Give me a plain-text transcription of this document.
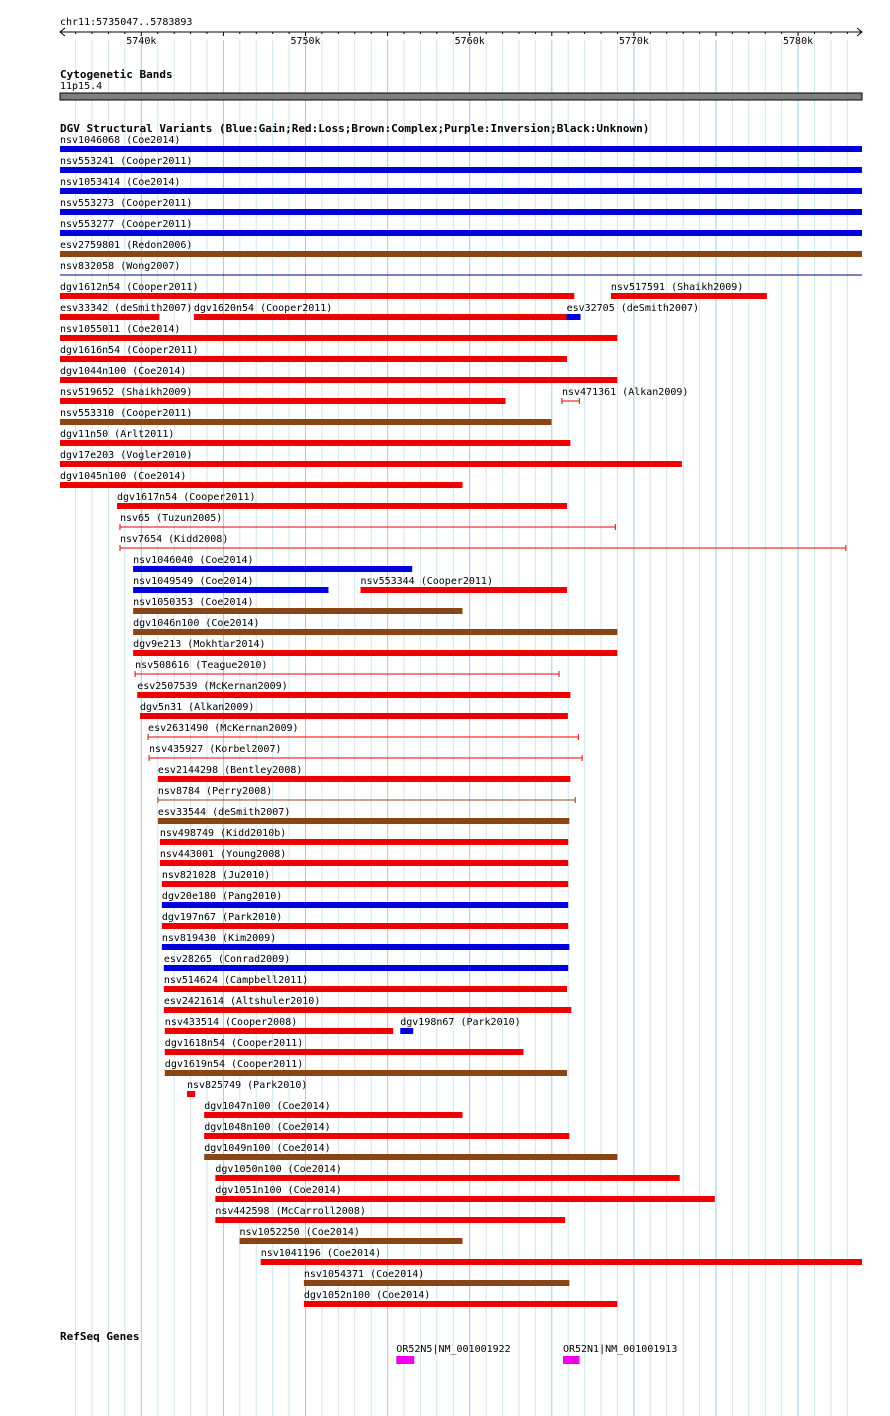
chr11:5735047..5783893
5740k	5750k	5760k	5770k	5780k
Cytogenetic Bands
11p15.4
DGV Structural Variants (Blue:Gain;Red:Loss;Brown:Complex;Purple:Inversion;Black:Unknown)
nsv1046068 (Coe2014)
nsv553241 (Cooper2011)
nsv1053414 (Coe2014)
nsv553273 (Cooper2011)
nsv553277 (Cooper2011)
esv2759801 (Redon2006)
nsv832058 (Wong2007)
dgv1612n54 (Cooper2011)	nsv517591 (Shaikh2009)
esv33342 (deSmith2007) dgv1620n54 (Cooper2011)	esv32705 (deSmith2007)
nsv1055011 (Coe2014)
dgv1616n54 (Cooper2011)
dgv1044n100 (Coe2014)
nsv519652 (Shaikh2009)	nsv471361 (Alkan2009)
nsv553310 (Cooper2011)
dgv11n50 (Arlt2011)
dgv17e203 (Vogler2010)
dgv1045n100 (Coe2014)
dgv1617n54 (Cooper2011)
nsv65 (Tuzun2005)
nsv7654 (Kidd2008)
nsv1046040 (Coe2014)
nsv1049549 (Coe2014)	nsv553344 (Cooper2011)
nsv1050353 (Coe2014)
dgv1046n100 (Coe2014)
dgv9e213 (Mokhtar2014)
nsv508616 (Teague2010)
esv2507539 (McKernan2009)
dgv5n31 (Alkan2009)
esv2631490 (McKernan2009)
nsv435927 (Korbel2007)
esv2144298 (Bentley2008)
nsv8784 (Perry2008)
esv33544 (deSmith2007)
nsv498749 (Kidd2010b)
nsv443001 (Young2008)
nsv821028 (Ju2010)
dgv20e180 (Pang2010)
dgv197n67 (Park2010)
nsv819430 (Kim2009)
esv28265 (Conrad2009)
nsv514624 (Campbell2011)
esv2421614 (Altshuler2010)
nsv433514 (Cooper2008)	dgv198n67 (Park2010)
dgv1618n54 (Cooper2011)
dgv1619n54 (Cooper2011)
nsv825749 (Park2010)
dgv1047n100 (Coe2014)
dgv1048n100 (Coe2014)
dgv1049n100 (Coe2014)
dgv1050n100 (Coe2014)
dgv1051n100 (Coe2014)
nsv442598 (McCarroll2008)
nsv1052250 (Coe2014)
nsv1041196 (Coe2014)
nsv1054371 (Coe2014)
dgv1052n100 (Coe2014)
RefSeq Genes
OR52N5|NM_001001922	OR52N1|NM_001001913
